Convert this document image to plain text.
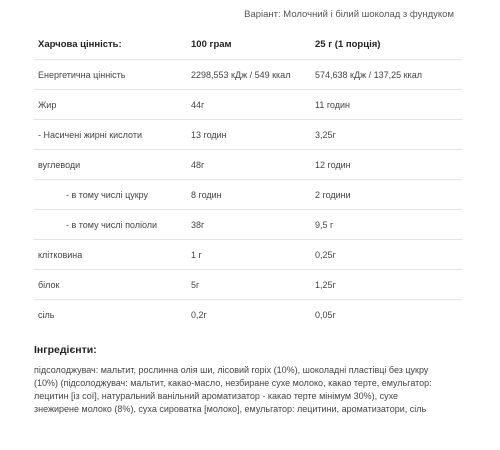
Варіант: Молочний і білий шоколад з фундуком
Харчова цінність:	100 грам	25 г (1 порція)
Енергетична цінність	2298,553 кДж / 549 ккал	574,638 кДж / 137,25 ккал
Жир	44г	11 годин
- Насичені жирні кислоти	13 годин	3,25г
вуглеводи	48г	12 годин
- в тому числі цукру	8 годин	2 години
- в тому числі поліоли	38г	9,5 г
клітковина	1 г	0,25г
білок	5г	1,25г
сіль	0,2г	0,05г
Інгредієнти:

підсолоджувач: мальтит, рослинна олія ши, лісовий горіх (10%), шоколадні пластівці без цукру (10%) (підсолоджувач: мальтит, какао-масло, незбиране сухе молоко, какао терте, емульгатор: лецитин [із сої], натуральний ванільний ароматизатор - какао терте мінімум 30%), сухе знежирене молоко (8%), суха сироватка [молоко], емульгатор: лецитини, ароматизатори, сіль
